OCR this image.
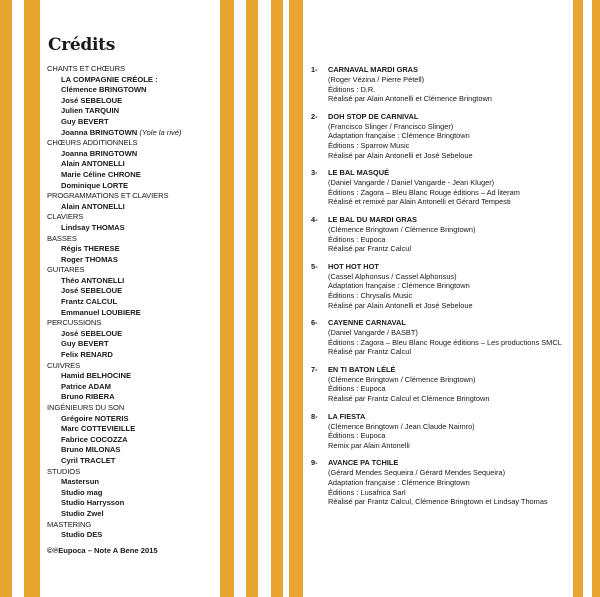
Crédits
CHANTS ET CHŒURS
LA COMPAGNIE CRÉOLE :
Clémence BRINGTOWN
José SEBELOUE
Julien TARQUIN
Guy BEVERT
Joanna BRINGTOWN (Yole la rivé)
CHŒURS ADDITIONNELS
Joanna BRINGTOWN
Alain ANTONELLI
Marie Céline CHRONE
Dominique LORTE
PROGRAMMATIONS ET CLAVIERS
Alain ANTONELLI
CLAVIERS
Lindsay THOMAS
BASSES
Régis THERESE
Roger THOMAS
GUITARES
Théo ANTONELLI
José SEBELOUE
Frantz CALCUL
Emmanuel LOUBIERE
PERCUSSIONS
José SEBELOUE
Guy BEVERT
Felix RENARD
CUIVRES
Hamid BELHOCINE
Patrice ADAM
Bruno RIBERA
INGÉNIEURS DU SON
Grégoire NOTERIS
Marc COTTEVIEILLE
Fabrice COCOZZA
Bruno MILONAS
Cyril TRACLET
STUDIOS
Mastersun
Studio mag
Studio Harrysson
Studio Zwel
MASTERING
Studio DES
©℗Eupoca – Note A Bene 2015
1-	CARNAVAL MARDI GRAS
(Roger Vézina / Pierre Pétell)
Éditions : D.R.
Réalisé par Alain Antonelli et Clémence Bringtown
2-	DOH STOP DE CARNIVAL
(Francisco Slinger / Francisco Slinger)
Adaptation française : Clémence Bringtown
Éditions : Sparrow Music
Réalisé par Alain Antonelli et José Sebeloue
3-	LE BAL MASQUÉ
(Daniel Vangarde / Daniel Vangarde - Jean Kluger)
Éditions : Zagora – Bleu Blanc Rouge éditions – Ad literam
Réalisé et remixé par Alain Antonelli et Gérard Tempesti
4-	LE BAL DU MARDI GRAS
(Clémence Bringtown / Clémence Bringtown)
Éditions : Eupoca
Réalisé par Frantz Calcul
5-	HOT HOT HOT
(Cassel Alphonsus / Cassel Alphonsus)
Adaptation française : Clémence Bringtown
Éditions : Chrysalis Music
Réalisé par Alain Antonelli et José Sebeloue
6-	CAYENNE CARNAVAL
(Daniel Vangarde / BASBT)
Éditions : Zagora – Bleu Blanc Rouge éditions – Les productions SMCL
Réalisé par Frantz Calcul
7-	EN TI BATON LÉLÉ
(Clémence Bringtown / Clémence Bringtown)
Éditions : Eupoca
Réalisé par Frantz Calcul et Clémence Bringtown
8-	LA FIESTA
(Clémence Bringtown / Jean Claude Naimro)
Éditions : Eupoca
Remix par Alain Antonelli
9-	AVANCE PA TCHILE
(Gérard Mendes Sequeira / Gérard Mendes Sequeira)
Adaptation française : Clémence Bringtown
Éditions : Lusafrica Sarl
Réalisé par Frantz Calcul, Clémence Bringtown et Lindsay Thomas
